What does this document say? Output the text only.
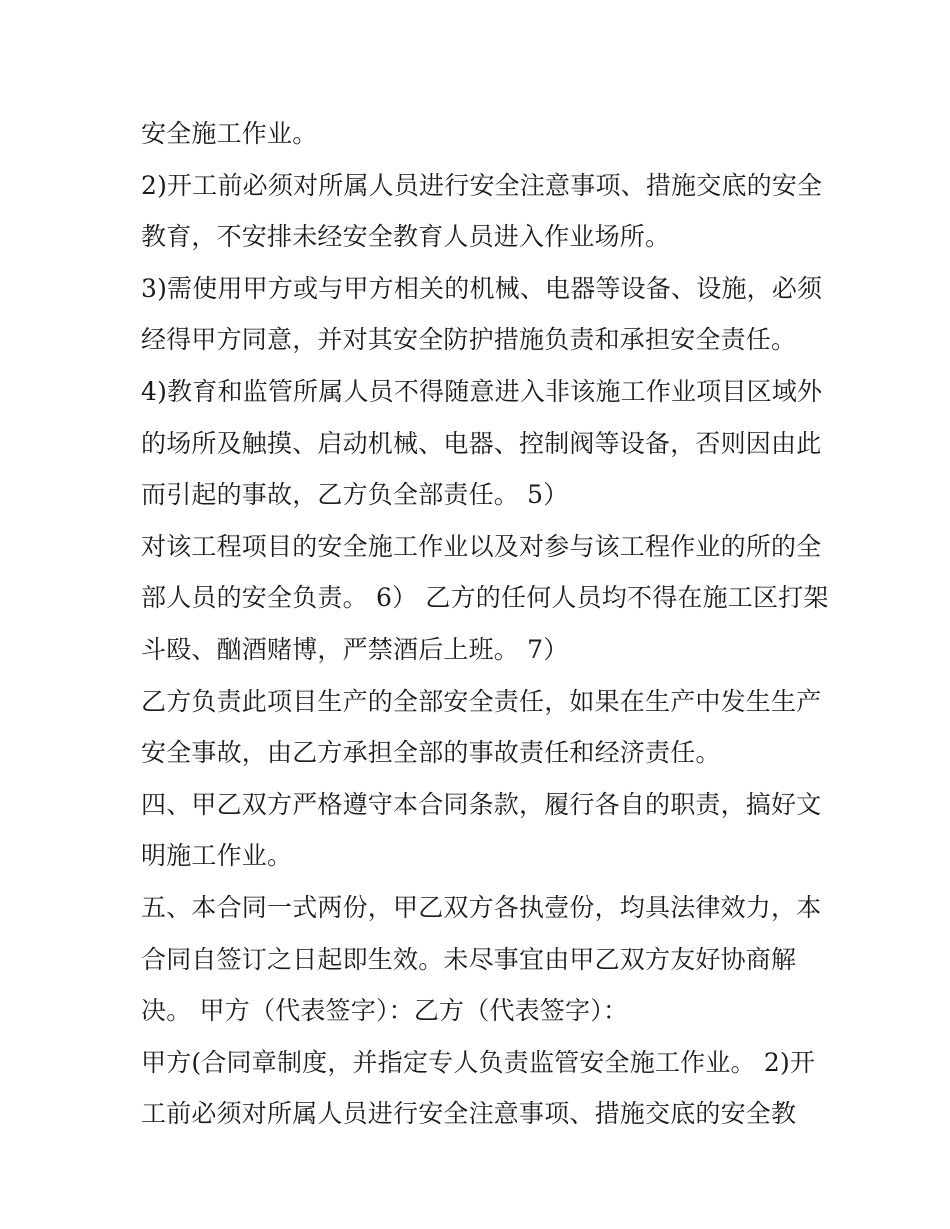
安全施工作业。
2)开工前必须对所属人员进行安全注意事项、措施交底的安全
教育，不安排未经安全教育人员进入作业场所。
3)需使用甲方或与甲方相关的机械、电器等设备、设施，必须
经得甲方同意，并对其安全防护措施负责和承担安全责任。
4)教育和监管所属人员不得随意进入非该施工作业项目区域外
的场所及触摸、启动机械、电器、控制阀等设备，否则因由此
而引起的事故，乙方负全部责任。 5）
对该工程项目的安全施工作业以及对参与该工程作业的所的全
部人员的安全负责。 6） 乙方的任何人员均不得在施工区打架
斗殴、酗酒赌博，严禁酒后上班。 7）
乙方负责此项目生产的全部安全责任，如果在生产中发生生产
安全事故，由乙方承担全部的事故责任和经济责任。
四、甲乙双方严格遵守本合同条款，履行各自的职责，搞好文
明施工作业。
五、本合同一式两份，甲乙双方各执壹份，均具法律效力，本
合同自签订之日起即生效。未尽事宜由甲乙双方友好协商解
决。 甲方（代表签字）：乙方（代表签字）：
甲方(合同章制度，并指定专人负责监管安全施工作业。 2)开
工前必须对所属人员进行安全注意事项、措施交底的安全教
